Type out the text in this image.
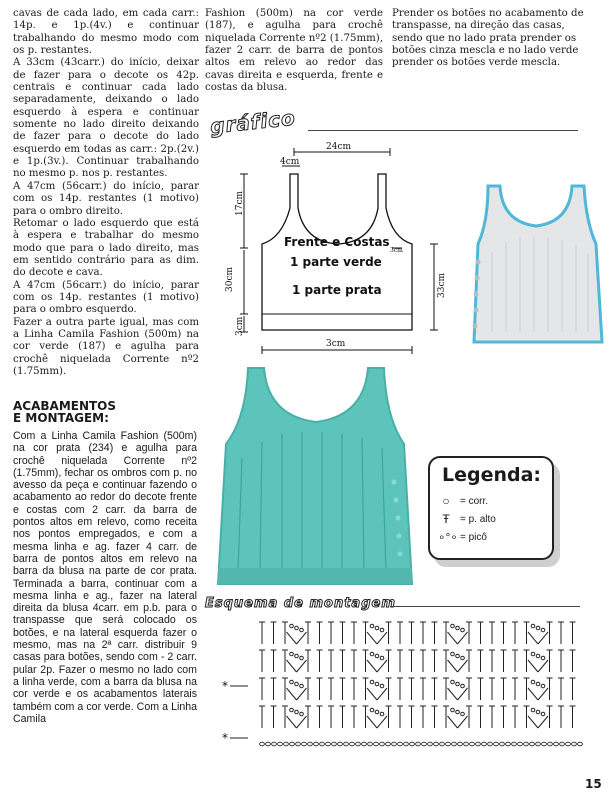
cavas de cada lado, em cada carr.: 14p. e 1p.(4v.) e continuar trabalhando do mesmo modo com os p. restantes.

A 33cm (43carr.) do início, deixar de fazer para o decote os 42p. centrais e continuar cada lado separadamente, deixando o lado esquerdo à espera e continuar somente no lado direito deixando de fazer para o decote do lado esquerdo em todas as carr.: 2p.(2v.) e 1p.(3v.). Continuar trabalhando no mesmo p. nos p. restantes.

A 47cm (56carr.) do início, parar com os 14p. restantes (1 motivo) para o ombro direito.

Retomar o lado esquerdo que está à espera e trabalhar do mesmo modo que para o lado direito, mas em sentido contrário para as dim. do decote e cava.

A 47cm (56carr.) do início, parar com os 14p. restantes (1 motivo) para o ombro esquerdo.

Fazer a outra parte igual, mas com a Linha Camila Fashion (500m) na cor verde (187) e agulha para crochê niquelada Corrente nº2 (1.75mm).

Fashion (500m) na cor verde (187), e agulha para crochê niquelada Corrente nº2 (1.75mm), fazer 2 carr. de barra de pontos altos em relevo ao redor das cavas direita e esquerda, frente e costas da blusa.

Prender os botões no acabamento de transpasse, na direção das casas, sendo que no lado prata prender os botões cinza mescla e no lado verde prender os botões verde mescla.

ACABAMENTOS
E MONTAGEM:

Com a Linha Camila Fashion (500m) na cor prata (234) e agulha para crochê niquelada Corrente nº2 (1.75mm), fechar os ombros com p. no avesso da peça e continuar fazendo o acabamento ao redor do decote frente e costas com 2 carr. da barra de pontos altos em relevo, como receita nos pontos empregados, e com a mesma linha e ag. fazer 4 carr. de barra de pontos altos em relevo na barra da blusa na parte de cor prata. Terminada a barra, continuar com a mesma linha e ag., fazer na lateral direita da blusa 4carr. em p.b. para o transpasse que será colocado os botões, e na lateral esquerda fazer o mesmo, mas na 2ª carr. distribuir 9 casas para botões, sendo com - 2 carr. pular 2p. Fazer o mesmo no lado com a linha verde, com a barra da blusa na cor verde e os acabamentos laterais também com a cor verde. Com a Linha Camila

gráfico
24cm
4cm
17cm
30cm
3cm
33cm
3cm
3cm
Frente e Costas
1 parte verde
1 parte prata
Legenda:
○	= corr.
Ŧ	= p. alto
∘°∘ = picô
Esquema de montagem
*
*
15
